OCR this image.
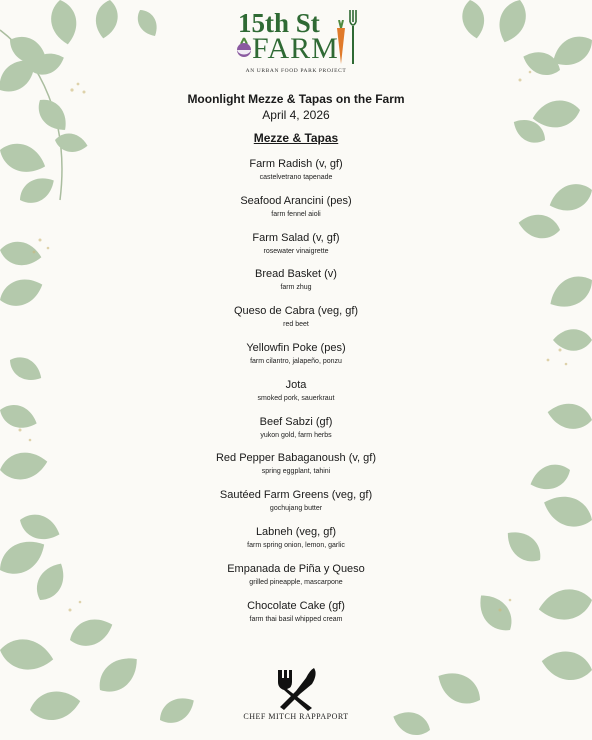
15th St
FARM
AN URBAN FOOD PARK PROJECT
Moonlight Mezze & Tapas on the Farm
April 4, 2026
Mezze & Tapas
Farm Radish (v, gf)
castelvetrano tapenade
Seafood Arancini (pes)
farm fennel aioli
Farm Salad (v, gf)
rosewater vinaigrette
Bread Basket (v)
farm zhug
Queso de Cabra (veg, gf)
red beet
Yellowfin Poke (pes)
farm cilantro, jalapeño, ponzu
Jota
smoked pork, sauerkraut
Beef Sabzi (gf)
yukon gold, farm herbs
Red Pepper Babaganoush (v, gf)
spring eggplant, tahini
Sautéed Farm Greens (veg, gf)
gochujang butter
Labneh (veg, gf)
farm spring onion, lemon, garlic
Empanada de Piña y Queso
grilled pineapple, mascarpone
Chocolate Cake (gf)
farm thai basil whipped cream
CHEF MITCH RAPPAPORT
